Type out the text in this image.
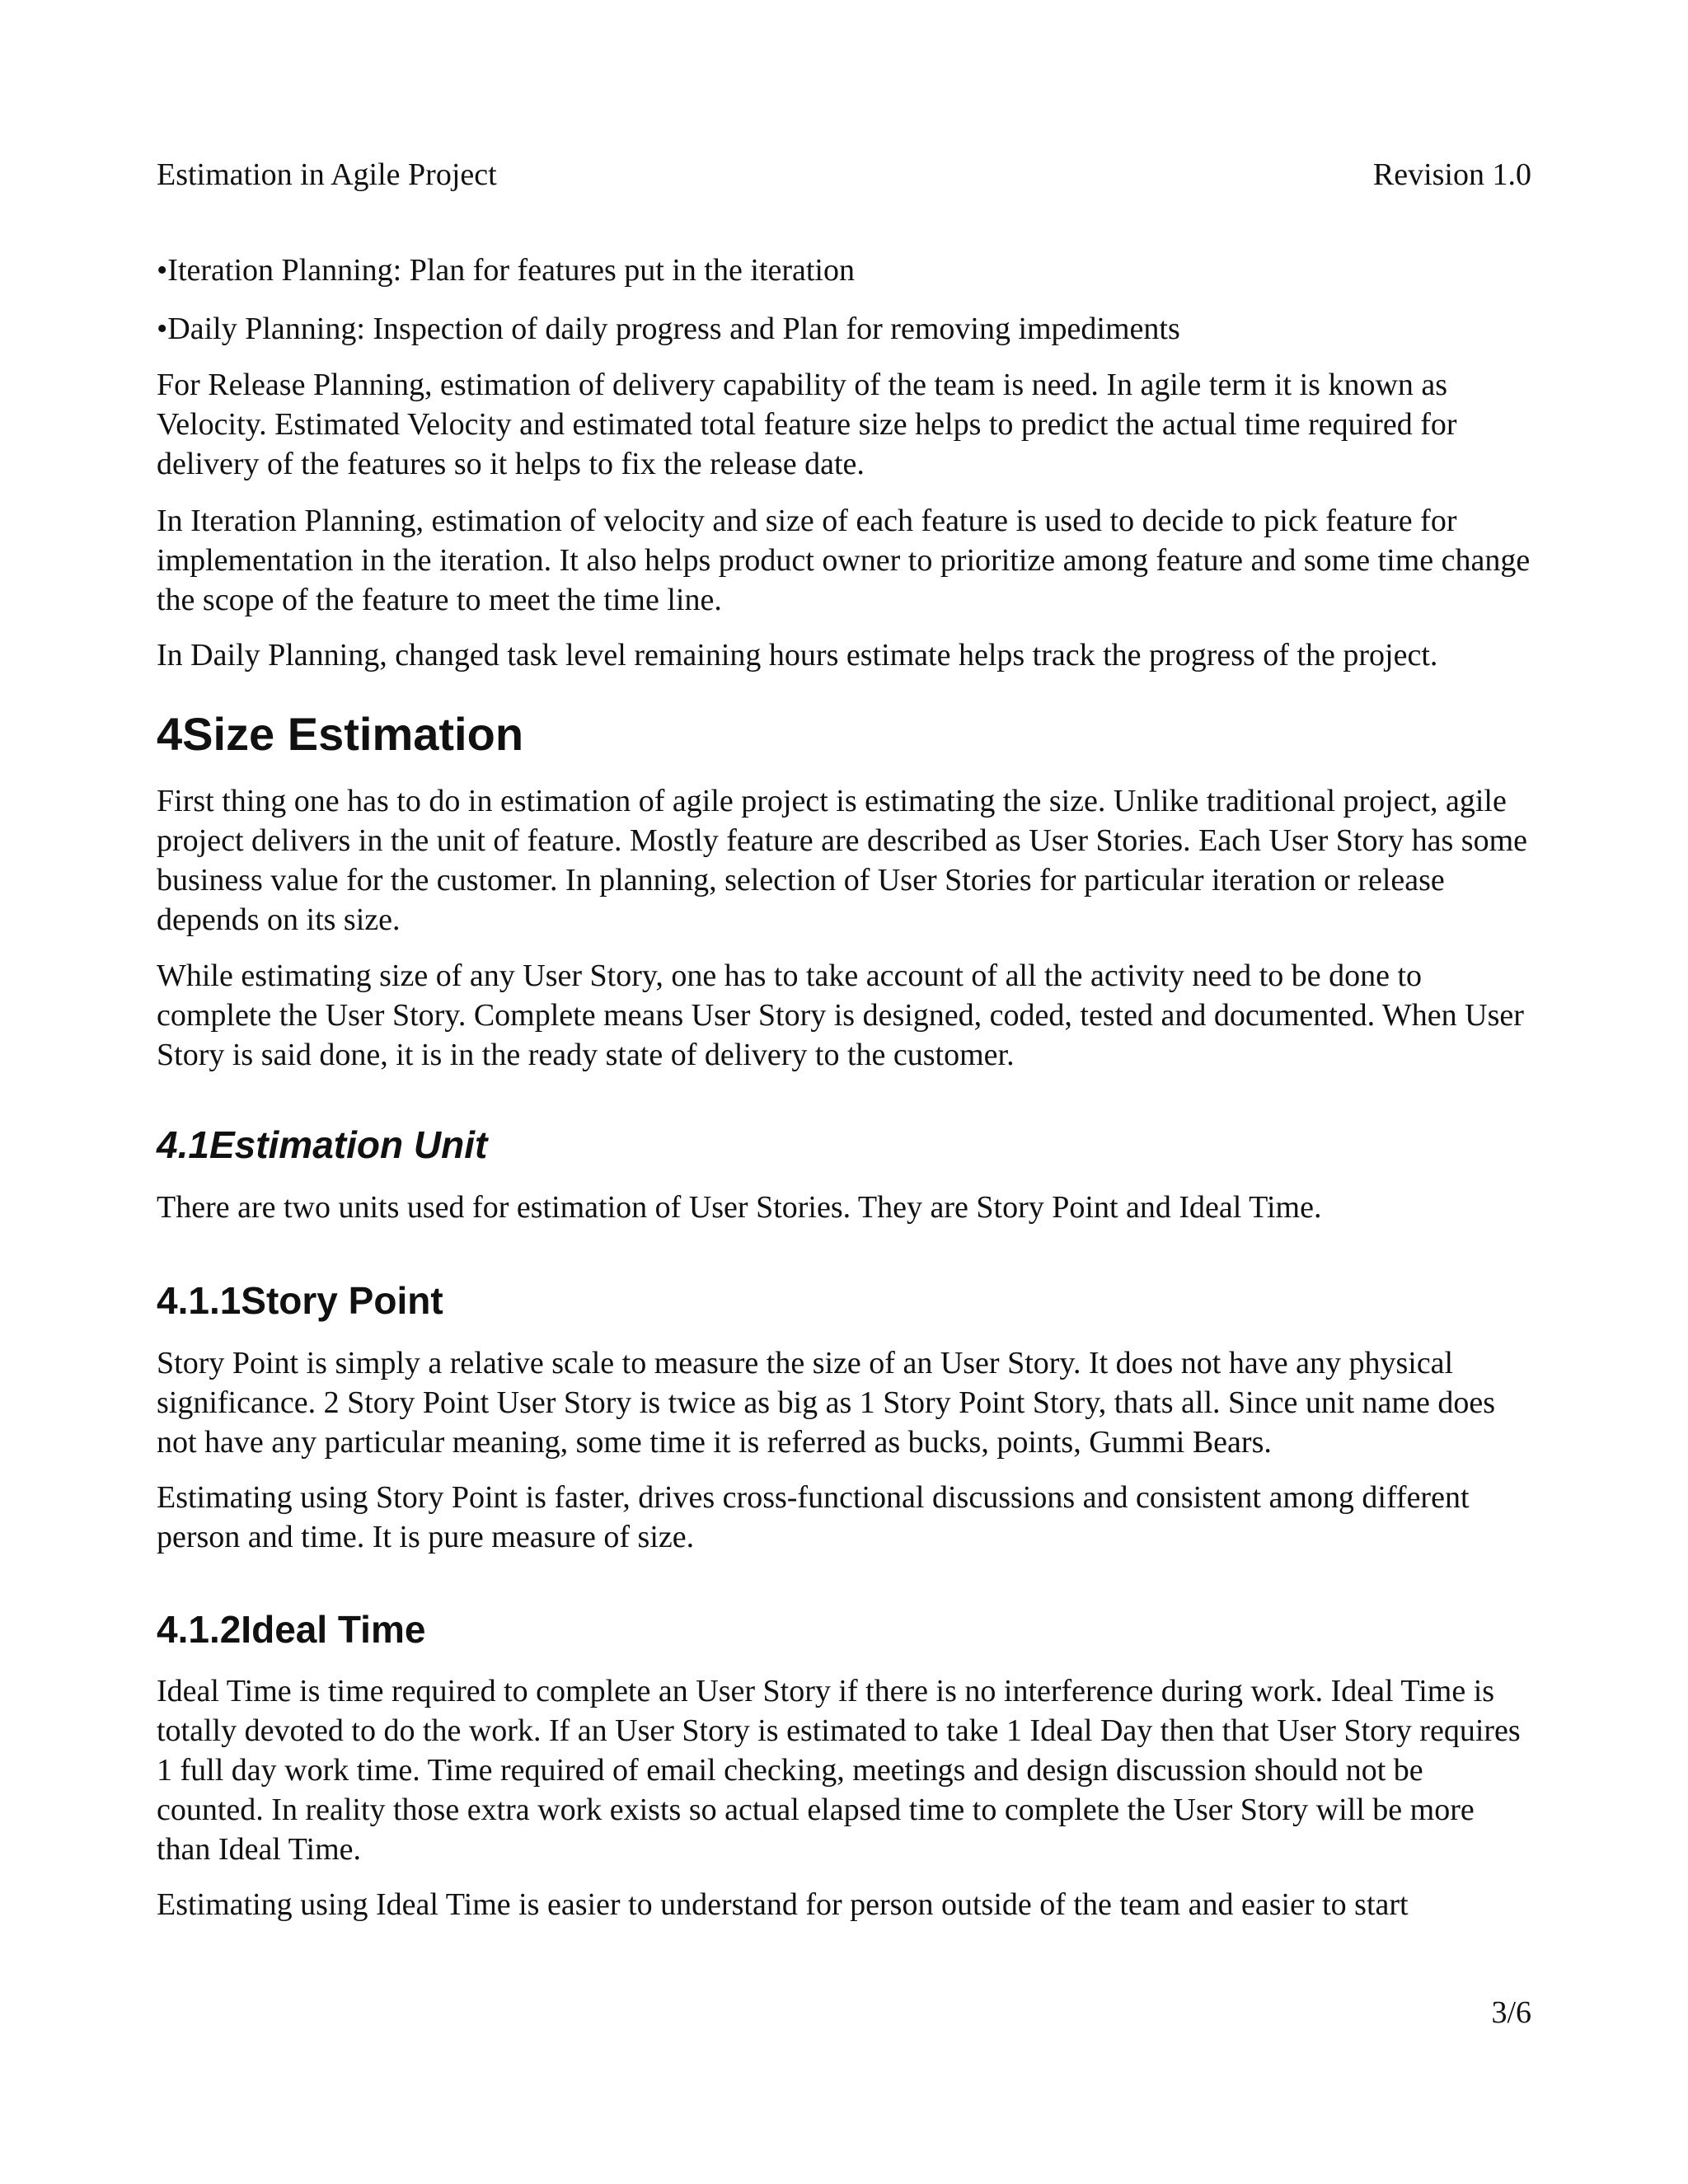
Estimation in Agile Project	Revision 1.0

•Iteration Planning: Plan for features put in the iteration

•Daily Planning: Inspection of daily progress and Plan for removing impediments

For Release Planning, estimation of delivery capability of the team is need. In agile term it is known as Velocity. Estimated Velocity and estimated total feature size helps to predict the actual time required for delivery of the features so it helps to fix the release date.

In Iteration Planning, estimation of velocity and size of each feature is used to decide to pick feature for implementation in the iteration. It also helps product owner to prioritize among feature and some time change the scope of the feature to meet the time line.

In Daily Planning, changed task level remaining hours estimate helps track the progress of the project.

4Size Estimation

First thing one has to do in estimation of agile project is estimating the size. Unlike traditional project, agile project delivers in the unit of feature. Mostly feature are described as User Stories. Each User Story has some business value for the customer. In planning, selection of User Stories for particular iteration or release depends on its size.

While estimating size of any User Story, one has to take account of all the activity need to be done to complete the User Story. Complete means User Story is designed, coded, tested and documented. When User Story is said done, it is in the ready state of delivery to the customer.

4.1Estimation Unit

There are two units used for estimation of User Stories. They are Story Point and Ideal Time.

4.1.1Story Point

Story Point is simply a relative scale to measure the size of an User Story. It does not have any physical significance. 2 Story Point User Story is twice as big as 1 Story Point Story, thats all. Since unit name does not have any particular meaning, some time it is referred as bucks, points, Gummi Bears.

Estimating using Story Point is faster, drives cross-functional discussions and consistent among different person and time. It is pure measure of size.

4.1.2Ideal Time

Ideal Time is time required to complete an User Story if there is no interference during work. Ideal Time is totally devoted to do the work. If an User Story is estimated to take 1 Ideal Day then that User Story requires 1 full day work time. Time required of email checking, meetings and design discussion should not be counted. In reality those extra work exists so actual elapsed time to complete the User Story will be more than Ideal Time.

Estimating using Ideal Time is easier to understand for person outside of the team and easier to start

3/6
